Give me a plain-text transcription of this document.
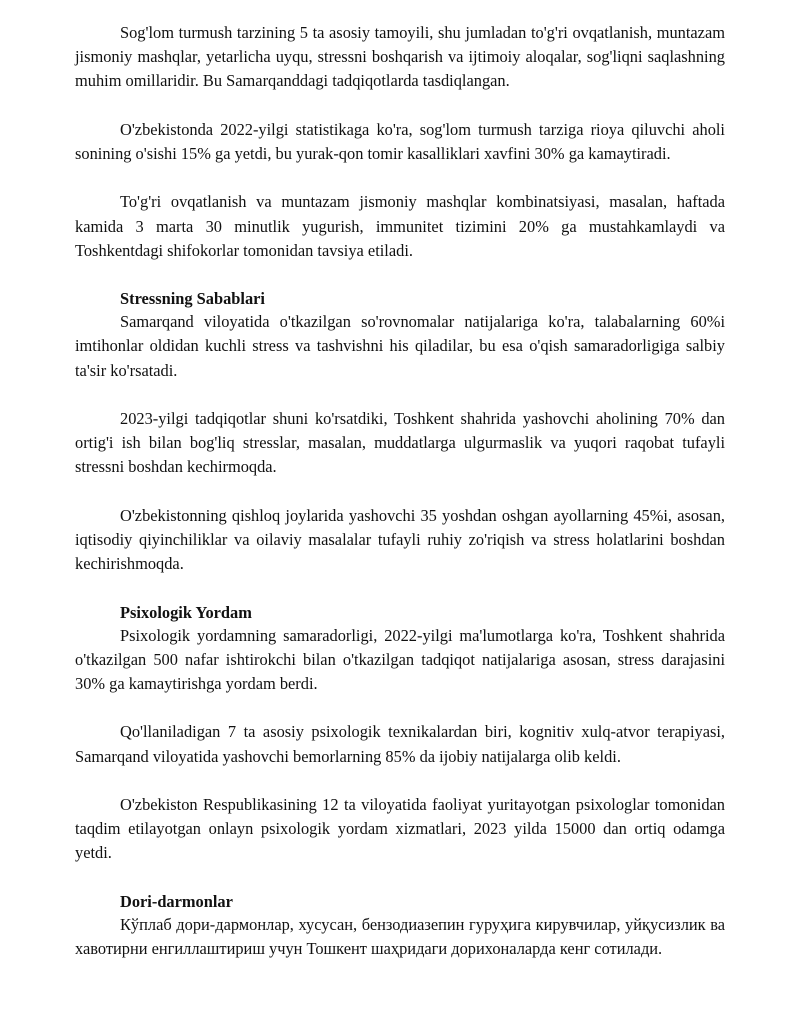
Sog'lom turmush tarzining 5 ta asosiy tamoyili, shu jumladan to'g'ri ovqatlanish, muntazam jismoniy mashqlar, yetarlicha uyqu, stressni boshqarish va ijtimoiy aloqalar, sog'liqni saqlashning muhim omillaridir. Bu Samarqanddagi tadqiqotlarda tasdiqlangan.

O'zbekistonda 2022-yilgi statistikaga ko'ra, sog'lom turmush tarziga rioya qiluvchi aholi sonining o'sishi 15% ga yetdi, bu yurak-qon tomir kasalliklari xavfini 30% ga kamaytiradi.

To'g'ri ovqatlanish va muntazam jismoniy mashqlar kombinatsiyasi, masalan, haftada kamida 3 marta 30 minutlik yugurish, immunitet tizimini 20% ga mustahkamlaydi va Toshkentdagi shifokorlar tomonidan tavsiya etiladi.

Stressning Sabablari

Samarqand viloyatida o'tkazilgan so'rovnomalar natijalariga ko'ra, talabalarning 60%i imtihonlar oldidan kuchli stress va tashvishni his qiladilar, bu esa o'qish samaradorligiga salbiy ta'sir ko'rsatadi.

2023-yilgi tadqiqotlar shuni ko'rsatdiki, Toshkent shahrida yashovchi aholining 70% dan ortig'i ish bilan bog'liq stresslar, masalan, muddatlarga ulgurmaslik va yuqori raqobat tufayli stressni boshdan kechirmoqda.

O'zbekistonning qishloq joylarida yashovchi 35 yoshdan oshgan ayollarning 45%i, asosan, iqtisodiy qiyinchiliklar va oilaviy masalalar tufayli ruhiy zo'riqish va stress holatlarini boshdan kechirishmoqda.

Psixologik Yordam

Psixologik yordamning samaradorligi, 2022-yilgi ma'lumotlarga ko'ra, Toshkent shahrida o'tkazilgan 500 nafar ishtirokchi bilan o'tkazilgan tadqiqot natijalariga asosan, stress darajasini 30% ga kamaytirishga yordam berdi.

Qo'llaniladigan 7 ta asosiy psixologik texnikalardan biri, kognitiv xulq-atvor terapiyasi, Samarqand viloyatida yashovchi bemorlarning 85% da ijobiy natijalarga olib keldi.

O'zbekiston Respublikasining 12 ta viloyatida faoliyat yuritayotgan psixologlar tomonidan taqdim etilayotgan onlayn psixologik yordam xizmatlari, 2023 yilda 15000 dan ortiq odamga yetdi.

Dori-darmonlar

Кўплаб дори-дармонлар, хусусан, бензодиазепин гуруҳига кирувчилар, уйқусизлик ва хавотирни енгиллаштириш учун Тошкент шаҳридаги дорихоналарда кенг сотилади.
